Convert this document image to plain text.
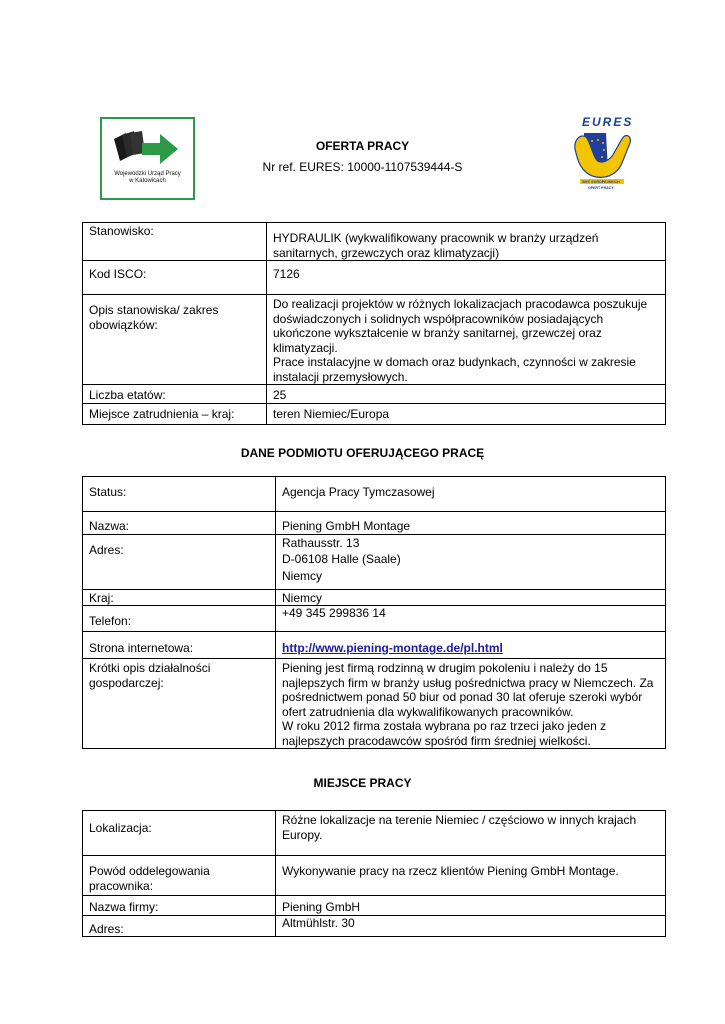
Wojewódzki Urząd Pracy
w Katowicach
OFERTA PRACY
Nr ref. EURES: 10000-1107539444-S
EURES
SIEĆ EUROPEJSKICH
OFERT PRACY
Stanowisko:	HYDRAULIK (wykwalifikowany pracownik w branży urządzeń sanitarnych, grzewczych oraz klimatyzacji)
Kod ISCO:	7126
Opis stanowiska/ zakres obowiązków:	Do realizacji projektów w różnych lokalizacjach pracodawca poszukuje doświadczonych i solidnych współpracowników posiadających ukończone wykształcenie w branży sanitarnej, grzewczej oraz klimatyzacji.
Prace instalacyjne w domach oraz budynkach, czynności w zakresie instalacji przemysłowych.

Liczba etatów:	25
Miejsce zatrudnienia – kraj:	teren Niemiec/Europa
DANE PODMIOTU OFERUJĄCEGO PRACĘ
Status:	Agencja Pracy Tymczasowej
Nazwa:	Piening GmbH Montage
Adres:	Rathausstr. 13
D-06108 Halle (Saale)
Niemcy

Kraj:	Niemcy
Telefon:	+49 345 299836 14
Strona internetowa:	http://www.piening-montage.de/pl.html
Krótki opis działalności gospodarczej:	Piening jest firmą rodzinną w drugim pokoleniu i należy do 15 najlepszych firm w branży usług pośrednictwa pracy w Niemczech. Za pośrednictwem ponad 50 biur od ponad 30 lat oferuje szeroki wybór ofert zatrudnienia dla wykwalifikowanych pracowników.
W roku 2012 firma została wybrana po raz trzeci jako jeden z najlepszych pracodawców spośród firm średniej wielkości.
MIEJSCE PRACY
Lokalizacja:	Różne lokalizacje na terenie Niemiec / częściowo w innych krajach Europy.
Powód oddelegowania pracownika:	Wykonywanie pracy na rzecz klientów Piening GmbH Montage.
Nazwa firmy:	Piening GmbH
Adres:	Altmühlstr. 30
